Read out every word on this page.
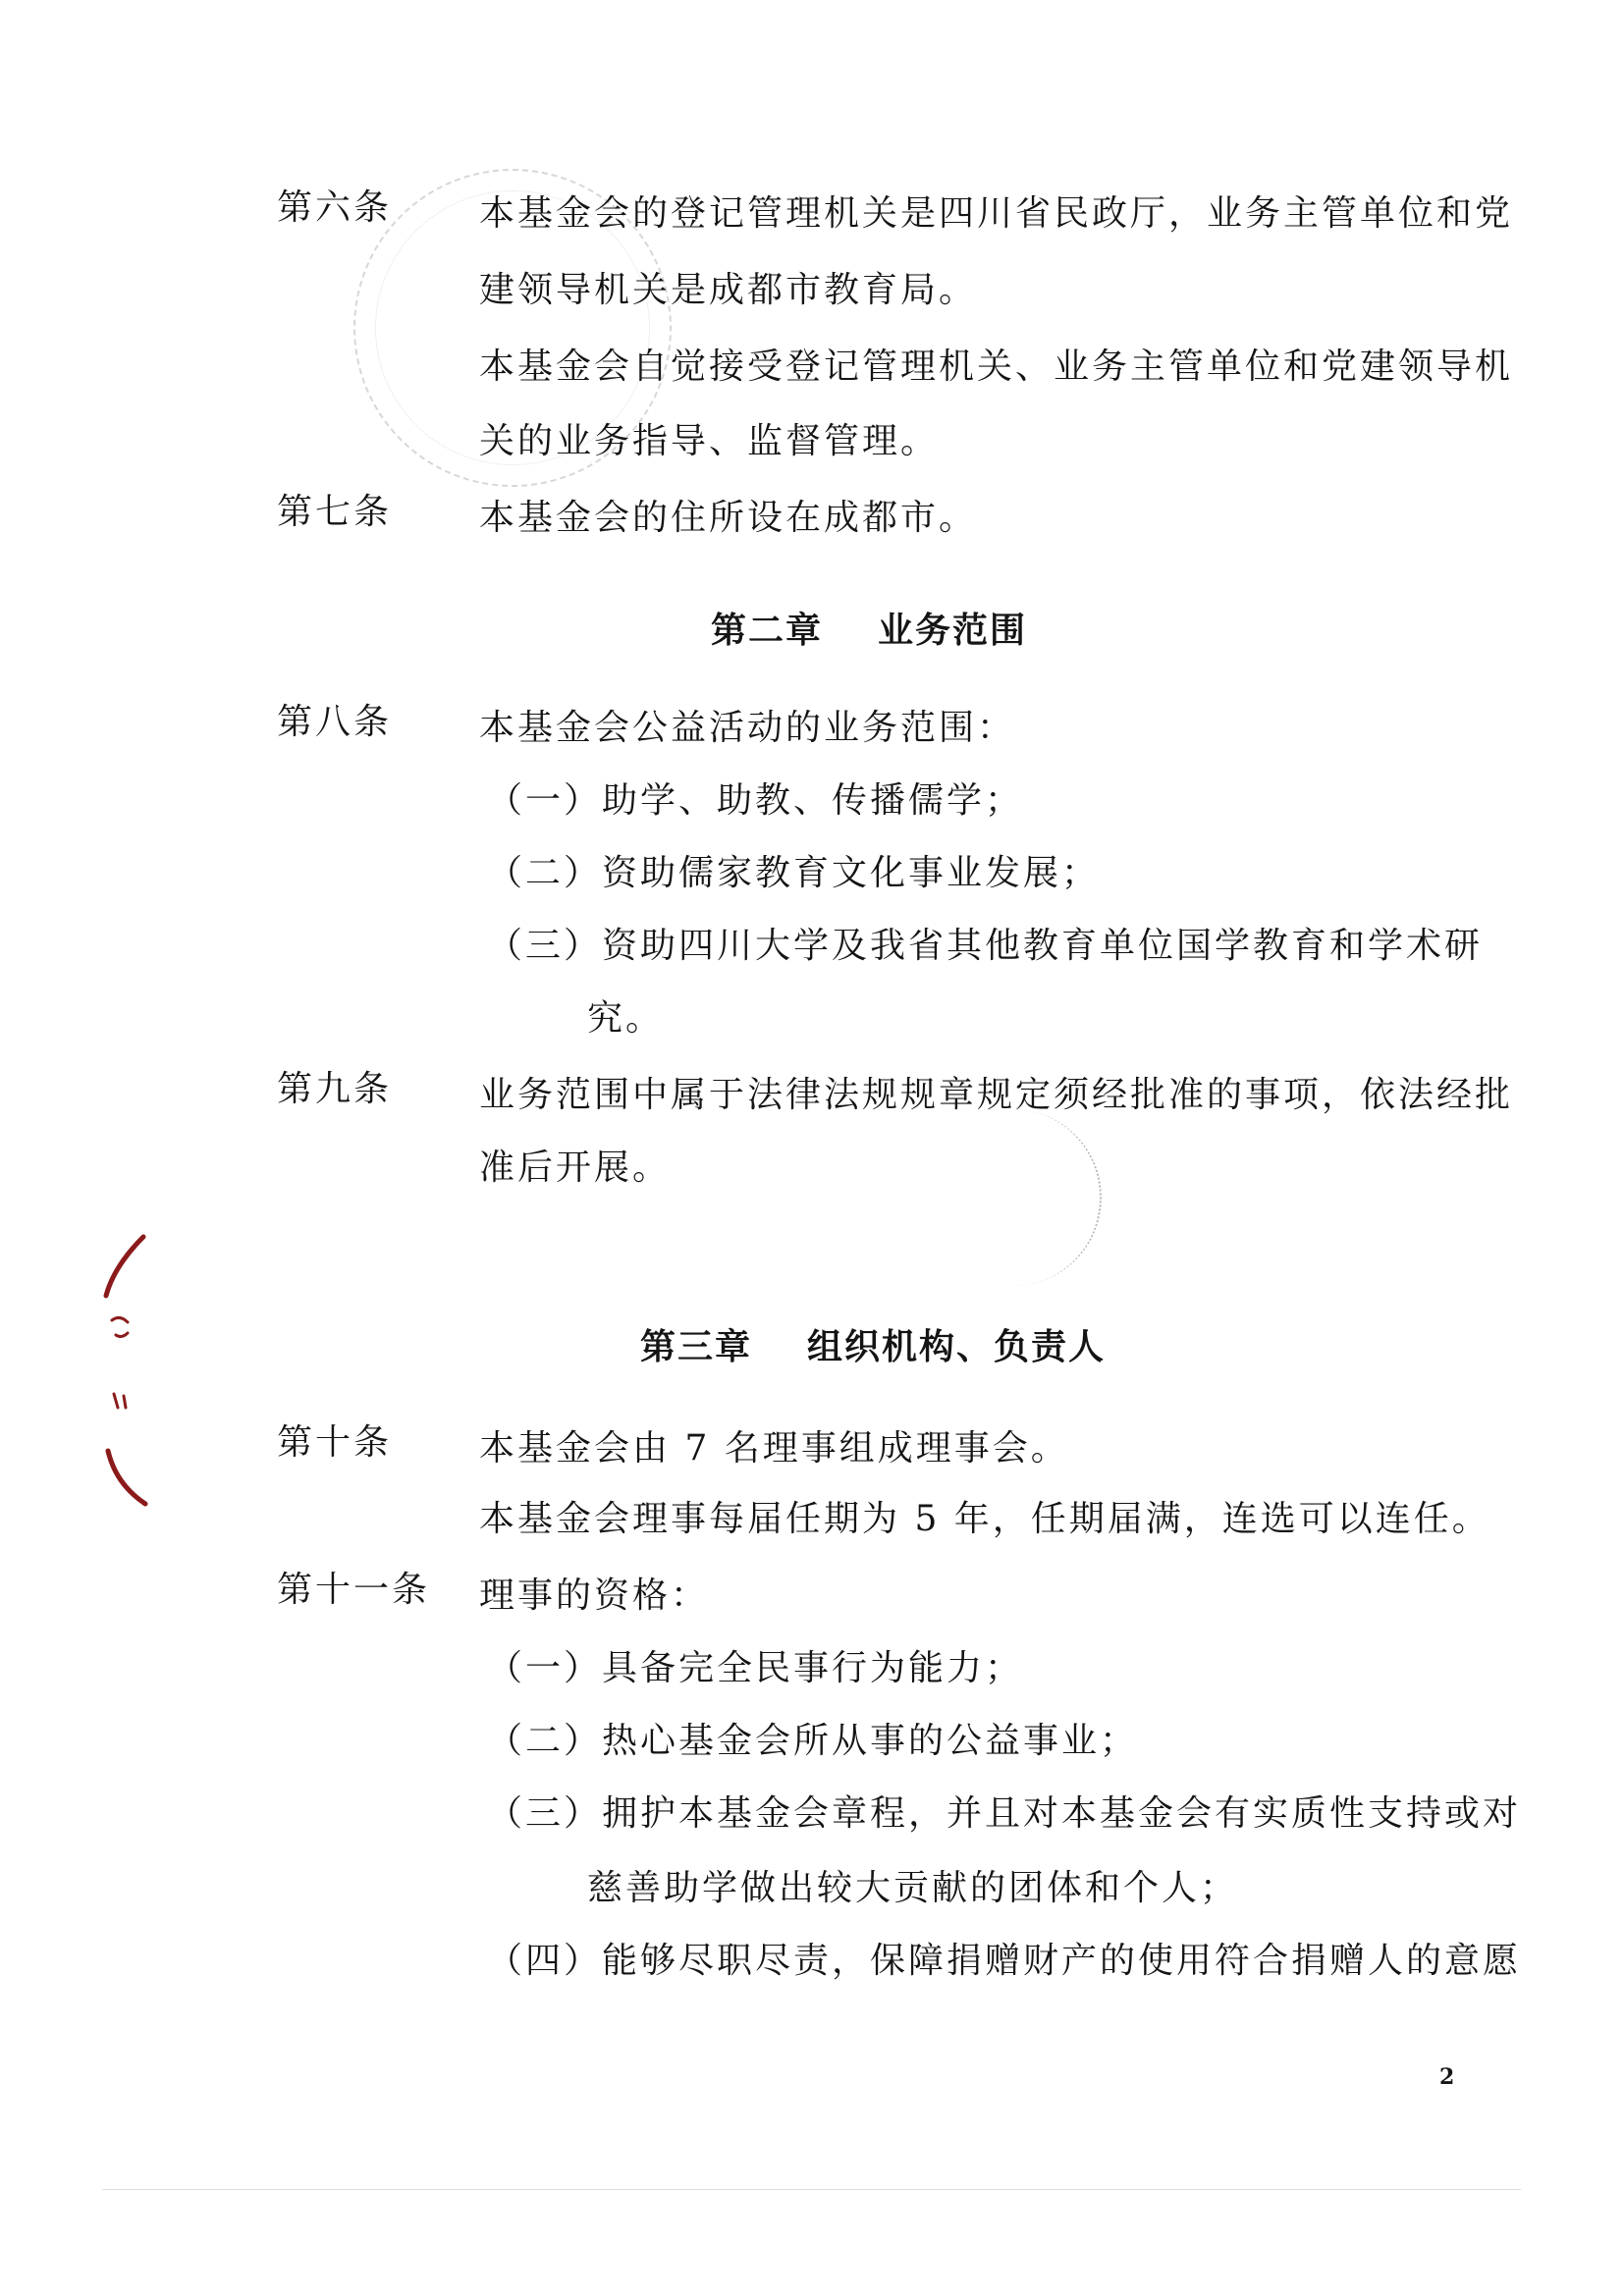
第六条 本基金会的登记管理机关是四川省民政厅，业务主管单位和党
建领导机关是成都市教育局。
本基金会自觉接受登记管理机关、业务主管单位和党建领导机
关的业务指导、监督管理。
第七条 本基金会的住所设在成都市。
第二章 业务范围
第八条 本基金会公益活动的业务范围：
（一）助学、助教、传播儒学；
（二）资助儒家教育文化事业发展；
（三）资助四川大学及我省其他教育单位国学教育和学术研
究。
第九条 业务范围中属于法律法规规章规定须经批准的事项，依法经批
准后开展。
第三章 组织机构、负责人
第十条 本基金会由 7 名理事组成理事会。
本基金会理事每届任期为 5 年，任期届满，连选可以连任。
第十一条 理事的资格：
（一）具备完全民事行为能力；
（二）热心基金会所从事的公益事业；
（三）拥护本基金会章程，并且对本基金会有实质性支持或对
慈善助学做出较大贡献的团体和个人；
（四）能够尽职尽责，保障捐赠财产的使用符合捐赠人的意愿
2
